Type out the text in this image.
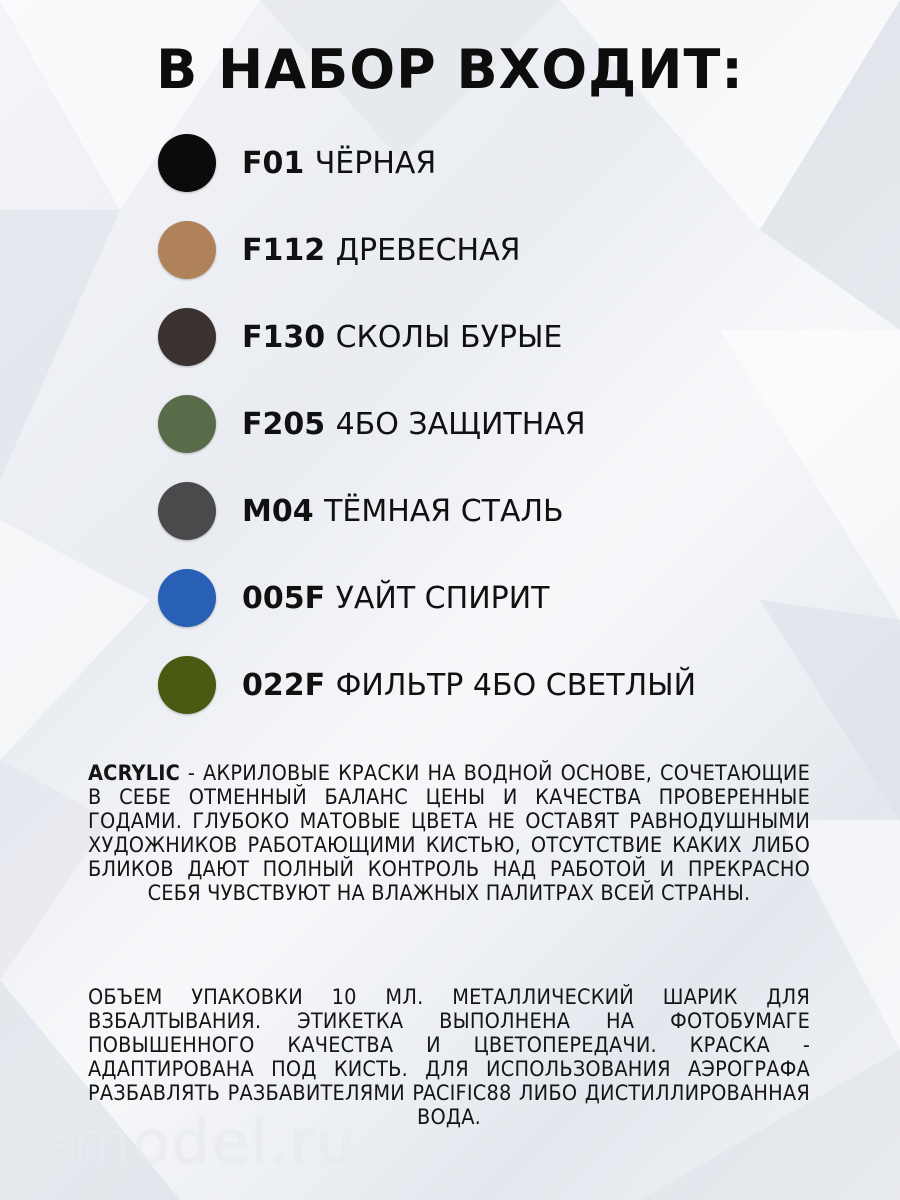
В НАБОР ВХОДИТ:
F01 ЧЁРНАЯ
F112 ДРЕВЕСНАЯ
F130 СКОЛЫ БУРЫЕ
F205 4БО ЗАЩИТНАЯ
M04 ТЁМНАЯ СТАЛЬ
005F УАЙТ СПИРИТ
022F ФИЛЬТР 4БО СВЕТЛЫЙ
ACRYLIC - АКРИЛОВЫЕ КРАСКИ НА ВОДНОЙ ОСНОВЕ, СОЧЕТАЮЩИЕ В СЕБЕ ОТМЕННЫЙ БАЛАНС ЦЕНЫ И КАЧЕСТВА ПРОВЕРЕННЫЕ ГОДАМИ. ГЛУБОКО МАТОВЫЕ ЦВЕТА НЕ ОСТАВЯТ РАВНОДУШНЫМИ ХУДОЖНИКОВ РАБОТАЮЩИМИ КИСТЬЮ, ОТСУТСТВИЕ КАКИХ ЛИБО БЛИКОВ ДАЮТ ПОЛНЫЙ КОНТРОЛЬ НАД РАБОТОЙ И ПРЕКРАСНО СЕБЯ ЧУВСТВУЮТ НА ВЛАЖНЫХ ПАЛИТРАХ ВСЕЙ СТРАНЫ.
ОБЪЕМ УПАКОВКИ 10 МЛ. МЕТАЛЛИЧЕСКИЙ ШАРИК ДЛЯ ВЗБАЛТЫВАНИЯ. ЭТИКЕТКА ВЫПОЛНЕНА НА ФОТОБУМАГЕ ПОВЫШЕННОГО КАЧЕСТВА И ЦВЕТОПЕРЕДАЧИ. КРАСКА - АДАПТИРОВАНА ПОД КИСТЬ. ДЛЯ ИСПОЛЬЗОВАНИЯ АЭРОГРАФА РАЗБАВЛЯТЬ РАЗБАВИТЕЛЯМИ PACIFIC88 ЛИБО ДИСТИЛЛИРОВАННАЯ ВОДА.
i-model.ru
